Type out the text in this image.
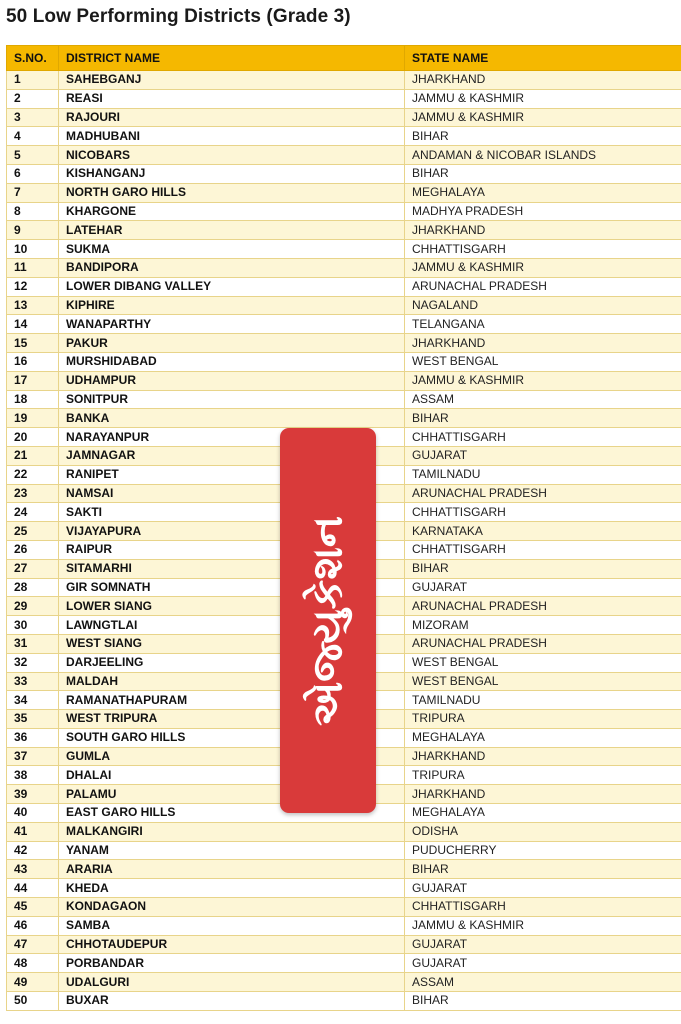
50 Low Performing Districts (Grade 3)
S.NO.	DISTRICT NAME	STATE NAME
1	SAHEBGANJ	JHARKHAND
2	REASI	JAMMU & KASHMIR
3	RAJOURI	JAMMU & KASHMIR
4	MADHUBANI	BIHAR
5	NICOBARS	ANDAMAN & NICOBAR ISLANDS
6	KISHANGANJ	BIHAR
7	NORTH GARO HILLS	MEGHALAYA
8	KHARGONE	MADHYA PRADESH
9	LATEHAR	JHARKHAND
10	SUKMA	CHHATTISGARH
11	BANDIPORA	JAMMU & KASHMIR
12	LOWER DIBANG VALLEY	ARUNACHAL PRADESH
13	KIPHIRE	NAGALAND
14	WANAPARTHY	TELANGANA
15	PAKUR	JHARKHAND
16	MURSHIDABAD	WEST BENGAL
17	UDHAMPUR	JAMMU & KASHMIR
18	SONITPUR	ASSAM
19	BANKA	BIHAR
20	NARAYANPUR	CHHATTISGARH
21	JAMNAGAR	GUJARAT
22	RANIPET	TAMILNADU
23	NAMSAI	ARUNACHAL PRADESH
24	SAKTI	CHHATTISGARH
25	VIJAYAPURA	KARNATAKA
26	RAIPUR	CHHATTISGARH
27	SITAMARHI	BIHAR
28	GIR SOMNATH	GUJARAT
29	LOWER SIANG	ARUNACHAL PRADESH
30	LAWNGTLAI	MIZORAM
31	WEST SIANG	ARUNACHAL PRADESH
32	DARJEELING	WEST BENGAL
33	MALDAH	WEST BENGAL
34	RAMANATHAPURAM	TAMILNADU
35	WEST TRIPURA	TRIPURA
36	SOUTH GARO HILLS	MEGHALAYA
37	GUMLA	JHARKHAND
38	DHALAI	TRIPURA
39	PALAMU	JHARKHAND
40	EAST GARO HILLS	MEGHALAYA
41	MALKANGIRI	ODISHA
42	YANAM	PUDUCHERRY
43	ARARIA	BIHAR
44	KHEDA	GUJARAT
45	KONDAGAON	CHHATTISGARH
46	SAMBA	JAMMU & KASHMIR
47	CHHOTAUDEPUR	GUJARAT
48	PORBANDAR	GUJARAT
49	UDALGURI	ASSAM
50	BUXAR	BIHAR
એજ્યુકેશન
